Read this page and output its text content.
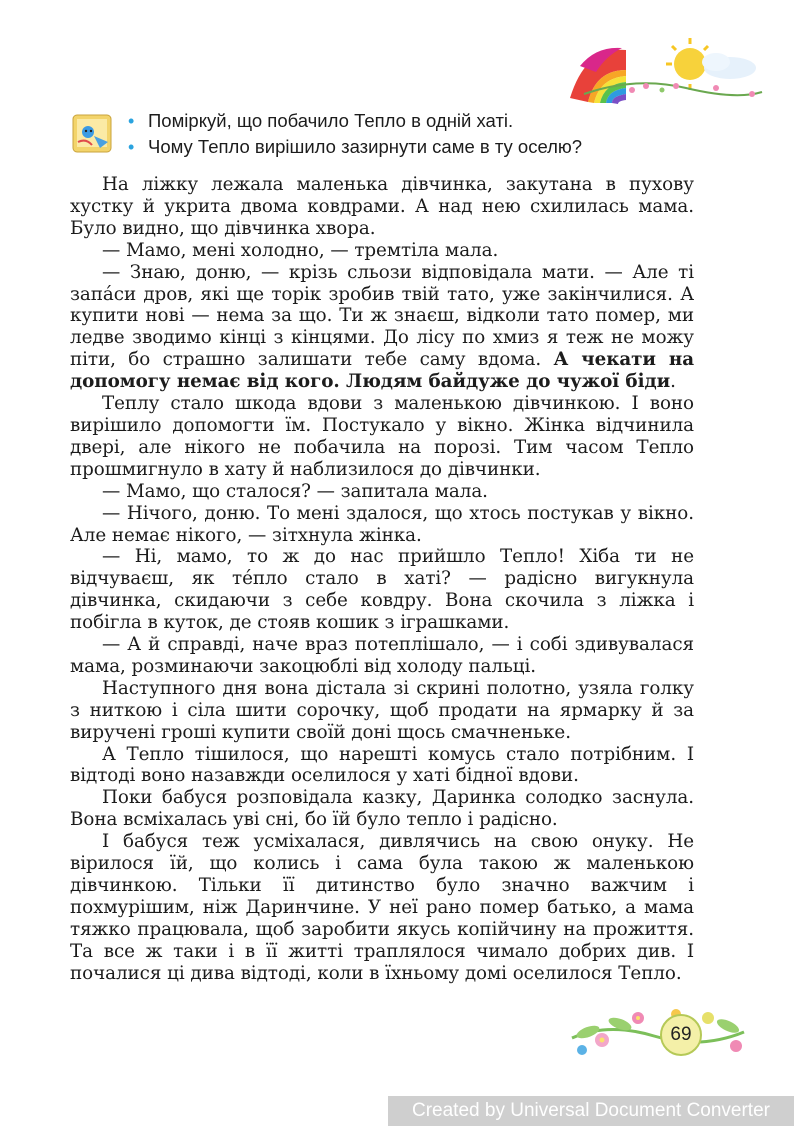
• Поміркуй, що побачило Тепло в одній хаті.
• Чому Тепло вирішило зазирнути саме в ту оселю?

На ліжку лежала маленька дівчинка, закутана в пухову хустку й укрита двома ковдрами. А над нею схилилась мама. Було видно, що дівчинка хвора.

— Мамо, мені холодно, — тремтіла мала.

— Знаю, доню, — крізь сльози відповідала мати. — Але ті запа́си дров, які ще торік зробив твій тато, уже закінчилися. А купити нові — нема за що. Ти ж знаєш, відколи тато помер, ми ледве зводимо кінці з кінцями. До лісу по хмиз я теж не можу піти, бо страшно залишати тебе саму вдома. А чекати на допомогу немає від кого. Людям байдуже до чужої біди.

Теплу стало шкода вдови з маленькою дівчинкою. І воно вирішило допомогти їм. Постукало у вікно. Жінка відчинила двері, але нікого не побачила на порозі. Тим часом Тепло прошмигнуло в хату й наблизилося до дівчинки.

— Мамо, що сталося? — запитала мала.

— Нічого, доню. То мені здалося, що хтось постукав у вікно. Але немає нікого, — зітхнула жінка.

— Ні, мамо, то ж до нас прийшло Тепло! Хіба ти не відчуваєш, як те́пло стало в хаті? — радісно вигукнула дівчинка, скидаючи з себе ковдру. Вона скочила з ліжка і побігла в куток, де стояв кошик з іграшками.

— А й справді, наче враз потеплішало, — і собі здивувалася мама, розминаючи закоцюблі від холоду пальці.

Наступного дня вона дістала зі скрині полотно, узяла голку з ниткою і сіла шити сорочку, щоб продати на ярмарку й за виручені гроші купити своїй доні щось смачненьке.

А Тепло тішилося, що нарешті комусь стало потрібним. І відтоді воно назавжди оселилося у хаті бідної вдови.

Поки бабуся розповідала казку, Даринка солодко заснула. Вона всміхалась уві сні, бо їй було тепло і радісно.

І бабуся теж усміхалася, дивлячись на свою онуку. Не вірилося їй, що колись і сама була такою ж маленькою дівчинкою. Тільки її дитинство було значно важчим і похмурішим, ніж Даринчине. У неї рано помер батько, а мама тяжко працювала, щоб заробити якусь копійчину на прожиття. Та все ж таки і в її житті траплялося чимало добрих див. І почалися ці дива відтоді, коли в їхньому домі оселилося Тепло.

69
Created by Universal Document Converter
